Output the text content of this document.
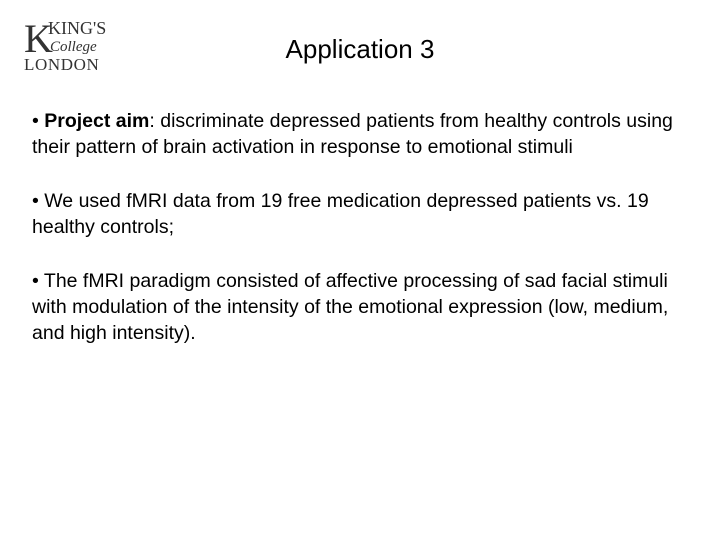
K
KING'S
College
LONDON
Application 3
• Project aim: discriminate depressed patients from healthy controls using their pattern of brain activation in response to emotional stimuli
• We used fMRI data from 19 free medication depressed patients vs. 19 healthy controls;
• The fMRI paradigm consisted of affective processing of sad facial stimuli with modulation of the intensity of the emotional expression (low, medium, and high intensity).
